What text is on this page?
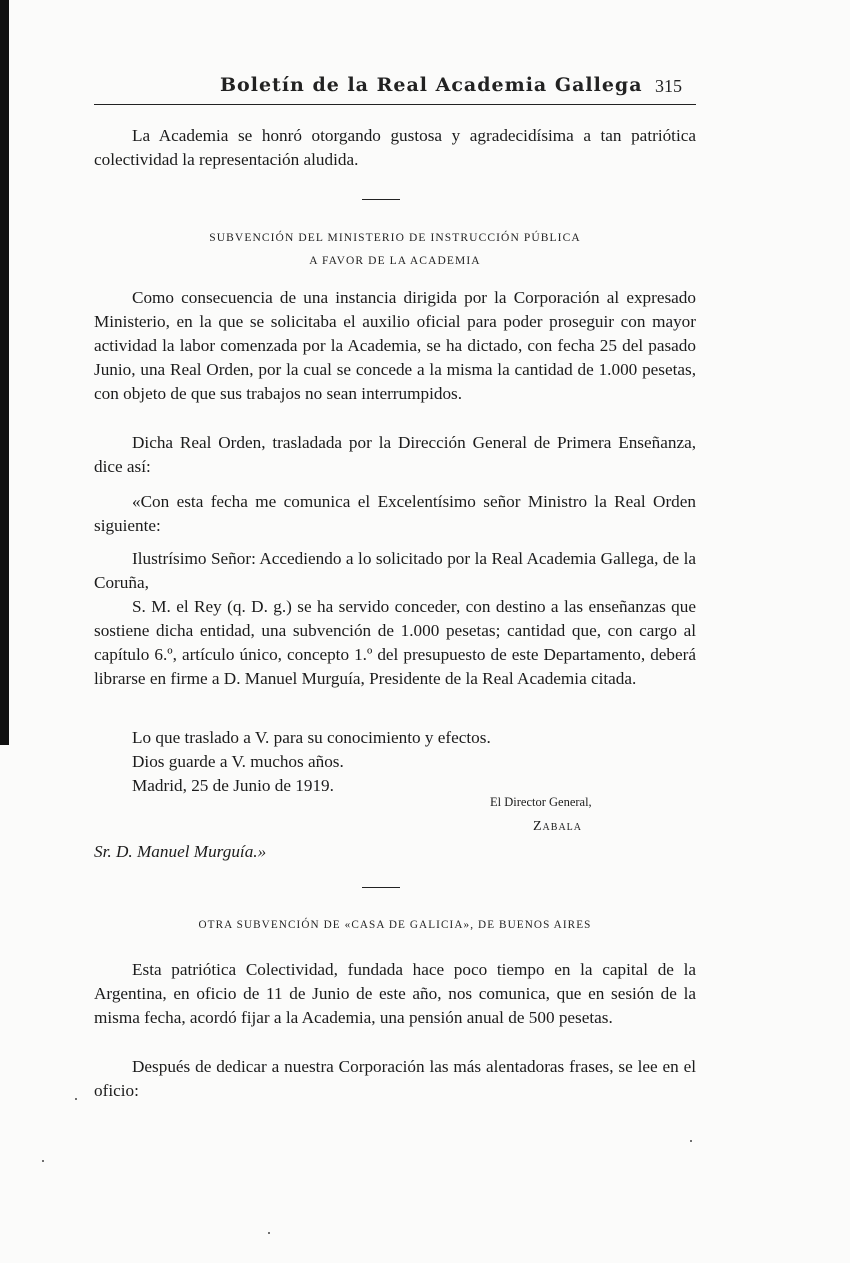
Boletín de la Real Academia Gallega 315

La Academia se honró otorgando gustosa y agradecidísima a tan patriótica colectividad la representación aludida.

SUBVENCIÓN DEL MINISTERIO DE INSTRUCCIÓN PÚBLICA

A FAVOR DE LA ACADEMIA

Como consecuencia de una instancia dirigida por la Corporación al expresado Ministerio, en la que se solicitaba el auxilio oficial para poder proseguir con mayor actividad la labor comenzada por la Academia, se ha dictado, con fecha 25 del pasado Junio, una Real Orden, por la cual se concede a la misma la cantidad de 1.000 pesetas, con objeto de que sus trabajos no sean interrumpidos.

Dicha Real Orden, trasladada por la Dirección General de Primera Enseñanza, dice así:

«Con esta fecha me comunica el Excelentísimo señor Ministro la Real Orden siguiente:

Ilustrísimo Señor: Accediendo a lo solicitado por la Real Academia Gallega, de la Coruña,

S. M. el Rey (q. D. g.) se ha servido conceder, con destino a las enseñanzas que sostiene dicha entidad, una subvención de 1.000 pesetas; cantidad que, con cargo al capítulo 6.º, artículo único, concepto 1.º del presupuesto de este Departamento, deberá librarse en firme a D. Manuel Murguía, Presidente de la Real Academia citada.

Lo que traslado a V. para su conocimiento y efectos.

Dios guarde a V. muchos años.

Madrid, 25 de Junio de 1919.

El Director General,

Zabala

Sr. D. Manuel Murguía.»

OTRA SUBVENCIÓN DE «CASA DE GALICIA», DE BUENOS AIRES

Esta patriótica Colectividad, fundada hace poco tiempo en la capital de la Argentina, en oficio de 11 de Junio de este año, nos comunica, que en sesión de la misma fecha, acordó fijar a la Academia, una pensión anual de 500 pesetas.

Después de dedicar a nuestra Corporación las más alentadoras frases, se lee en el oficio:
